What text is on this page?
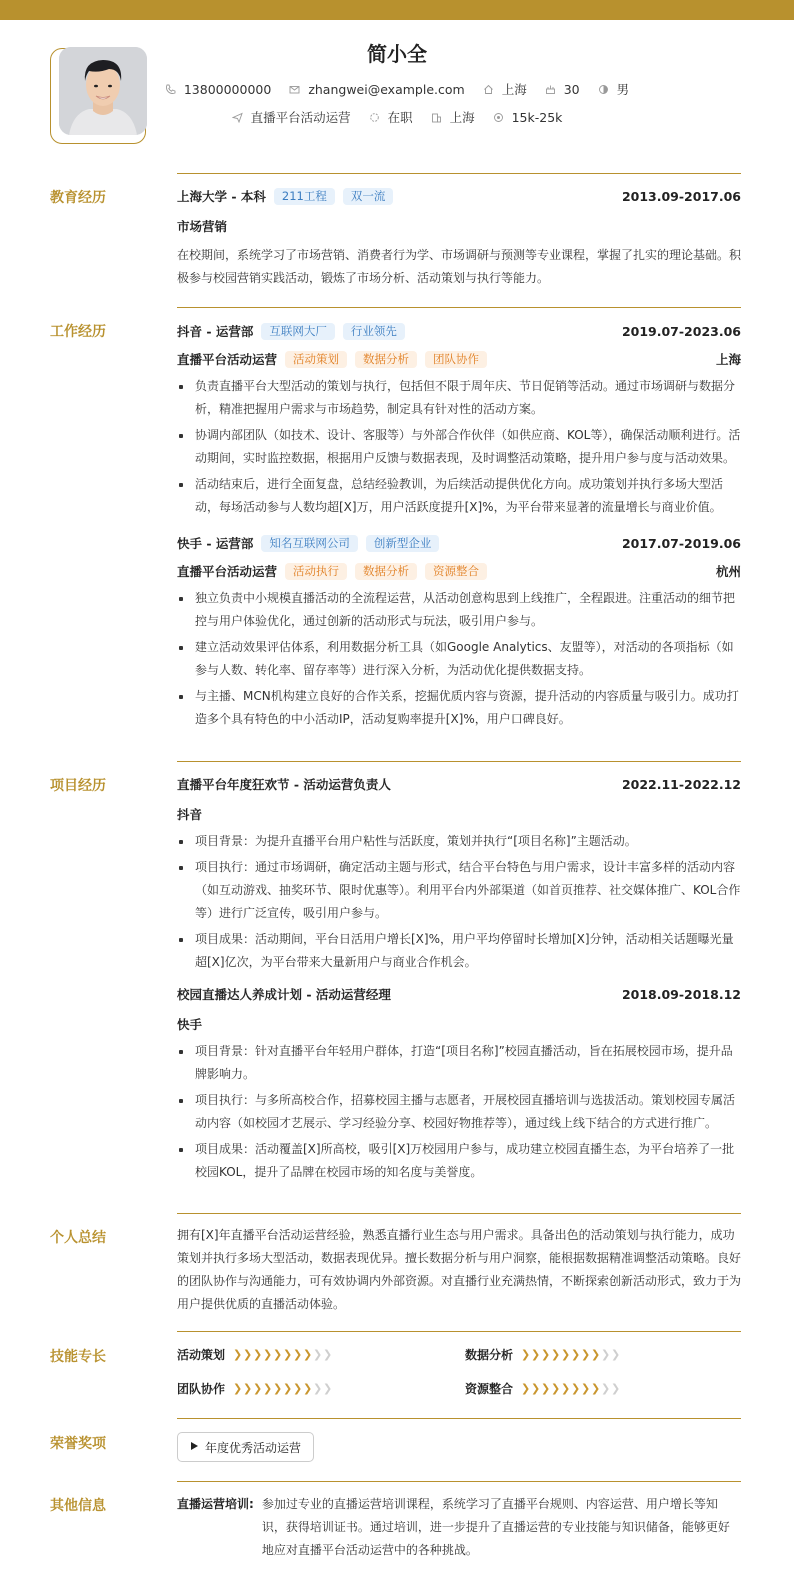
简小全
13800000000	zhangwei@example.com	上海	30	男
直播平台活动运营	在职	上海	15k-25k
教育经历	上海大学 - 本科	211工程	双一流	2013.09-2017.06
市场营销
在校期间，系统学习了市场营销、消费者行为学、市场调研与预测等专业课程，掌握了扎实的理论基础。积极参与校园营销实践活动，锻炼了市场分析、活动策划与执行等能力。
工作经历	抖音 - 运营部	互联网大厂	行业领先	2019.07-2023.06
直播平台活动运营	活动策划	数据分析	团队协作	上海
负责直播平台大型活动的策划与执行，包括但不限于周年庆、节日促销等活动。通过市场调研与数据分析，精准把握用户需求与市场趋势，制定具有针对性的活动方案。
协调内部团队（如技术、设计、客服等）与外部合作伙伴（如供应商、KOL等），确保活动顺利进行。活动期间，实时监控数据，根据用户反馈与数据表现，及时调整活动策略，提升用户参与度与活动效果。
活动结束后，进行全面复盘，总结经验教训，为后续活动提供优化方向。成功策划并执行多场大型活动，每场活动参与人数均超[X]万，用户活跃度提升[X]%，为平台带来显著的流量增长与商业价值。
快手 - 运营部	知名互联网公司	创新型企业	2017.07-2019.06
直播平台活动运营	活动执行	数据分析	资源整合	杭州
独立负责中小规模直播活动的全流程运营，从活动创意构思到上线推广，全程跟进。注重活动的细节把控与用户体验优化，通过创新的活动形式与玩法，吸引用户参与。
建立活动效果评估体系，利用数据分析工具（如Google Analytics、友盟等），对活动的各项指标（如参与人数、转化率、留存率等）进行深入分析，为活动优化提供数据支持。
与主播、MCN机构建立良好的合作关系，挖掘优质内容与资源，提升活动的内容质量与吸引力。成功打造多个具有特色的中小活动IP，活动复购率提升[X]%，用户口碑良好。
项目经历	直播平台年度狂欢节 - 活动运营负责人	2022.11-2022.12
抖音
项目背景：为提升直播平台用户粘性与活跃度，策划并执行“[项目名称]”主题活动。
项目执行：通过市场调研，确定活动主题与形式，结合平台特色与用户需求，设计丰富多样的活动内容（如互动游戏、抽奖环节、限时优惠等）。利用平台内外部渠道（如首页推荐、社交媒体推广、KOL合作等）进行广泛宣传，吸引用户参与。
项目成果：活动期间，平台日活用户增长[X]%，用户平均停留时长增加[X]分钟，活动相关话题曝光量超[X]亿次，为平台带来大量新用户与商业合作机会。
校园直播达人养成计划 - 活动运营经理	2018.09-2018.12
快手
项目背景：针对直播平台年轻用户群体，打造“[项目名称]”校园直播活动，旨在拓展校园市场，提升品牌影响力。
项目执行：与多所高校合作，招募校园主播与志愿者，开展校园直播培训与选拔活动。策划校园专属活动内容（如校园才艺展示、学习经验分享、校园好物推荐等），通过线上线下结合的方式进行推广。
项目成果：活动覆盖[X]所高校，吸引[X]万校园用户参与，成功建立校园直播生态，为平台培养了一批校园KOL，提升了品牌在校园市场的知名度与美誉度。
个人总结	拥有[X]年直播平台活动运营经验，熟悉直播行业生态与用户需求。具备出色的活动策划与执行能力，成功策划并执行多场大型活动，数据表现优异。擅长数据分析与用户洞察，能根据数据精准调整活动策略。良好的团队协作与沟通能力，可有效协调内外部资源。对直播行业充满热情，不断探索创新活动形式，致力于为用户提供优质的直播活动体验。
技能专长	活动策划 ❯ ❯ ❯ ❯ ❯ ❯ ❯ ❯ ❯ ❯	数据分析 ❯ ❯ ❯ ❯ ❯ ❯ ❯ ❯ ❯ ❯
团队协作 ❯ ❯ ❯ ❯ ❯ ❯ ❯ ❯ ❯ ❯	资源整合 ❯ ❯ ❯ ❯ ❯ ❯ ❯ ❯ ❯ ❯
荣誉奖项	年度优秀活动运营
其他信息	直播运营培训: 参加过专业的直播运营培训课程，系统学习了直播平台规则、内容运营、用户增长等知识，获得培训证书。通过培训，进一步提升了直播运营的专业技能与知识储备，能够更好地应对直播平台活动运营中的各种挑战。
